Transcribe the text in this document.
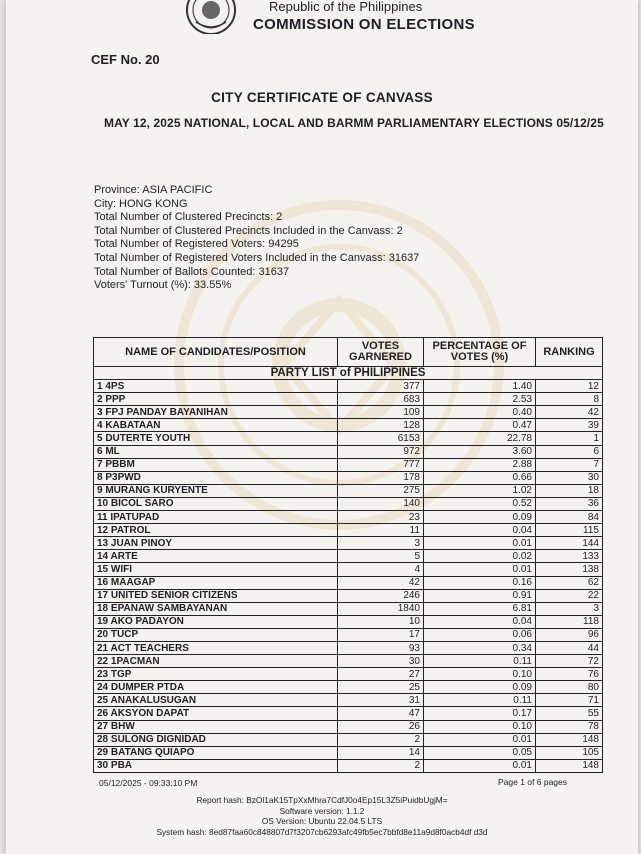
Republic of the Philippines
COMMISSION ON ELECTIONS
CEF No. 20
CITY CERTIFICATE OF CANVASS
MAY 12, 2025 NATIONAL, LOCAL AND BARMM PARLIAMENTARY ELECTIONS 05/12/25
Province: ASIA PACIFIC
City: HONG KONG
Total Number of Clustered Precincts: 2
Total Number of Clustered Precincts Included in the Canvass: 2
Total Number of Registered Voters: 94295
Total Number of Registered Voters Included in the Canvass: 31637
Total Number of Ballots Counted: 31637
Voters' Turnout (%): 33.55%
NAME OF CANDIDATES/POSITION	VOTES GARNERED	PERCENTAGE OF VOTES (%)	RANKING
PARTY LIST of PHILIPPINES			
1 4PS	377	1.40	12
2 PPP	683	2.53	8
3 FPJ PANDAY BAYANIHAN	109	0.40	42
4 KABATAAN	128	0.47	39
5 DUTERTE YOUTH	6153	22.78	1
6 ML	972	3.60	6
7 PBBM	777	2.88	7
8 P3PWD	178	0.66	30
9 MURANG KURYENTE	275	1.02	18
10 BICOL SARO	140	0.52	36
11 IPATUPAD	23	0.09	84
12 PATROL	11	0.04	115
13 JUAN PINOY	3	0.01	144
14 ARTE	5	0.02	133
15 WIFI	4	0.01	138
16 MAAGAP	42	0.16	62
17 UNITED SENIOR CITIZENS	246	0.91	22
18 EPANAW SAMBAYANAN	1840	6.81	3
19 AKO PADAYON	10	0.04	118
20 TUCP	17	0.06	96
21 ACT TEACHERS	93	0.34	44
22 1PACMAN	30	0.11	72
23 TGP	27	0.10	76
24 DUMPER PTDA	25	0.09	80
25 ANAKALUSUGAN	31	0.11	71
26 AKSYON DAPAT	47	0.17	55
27 BHW	26	0.10	78
28 SULONG DIGNIDAD	2	0.01	148
29 BATANG QUIAPO	14	0.05	105
30 PBA	2	0.01	148
05/12/2025 - 09:33:10 PM	Page 1 of 6 pages
Report hash: BzOl1aK15TpXxMhra7CdfJ0o4Ep15L3Z5iPuidbUgjM=
Software version: 1.1.2
OS Version: Ubuntu 22.04.5 LTS
System hash: 8ed87faa60c848807d7f3207cb6293afc49fb5ec7bbfd8e11a9d8f0acb4df d3d
